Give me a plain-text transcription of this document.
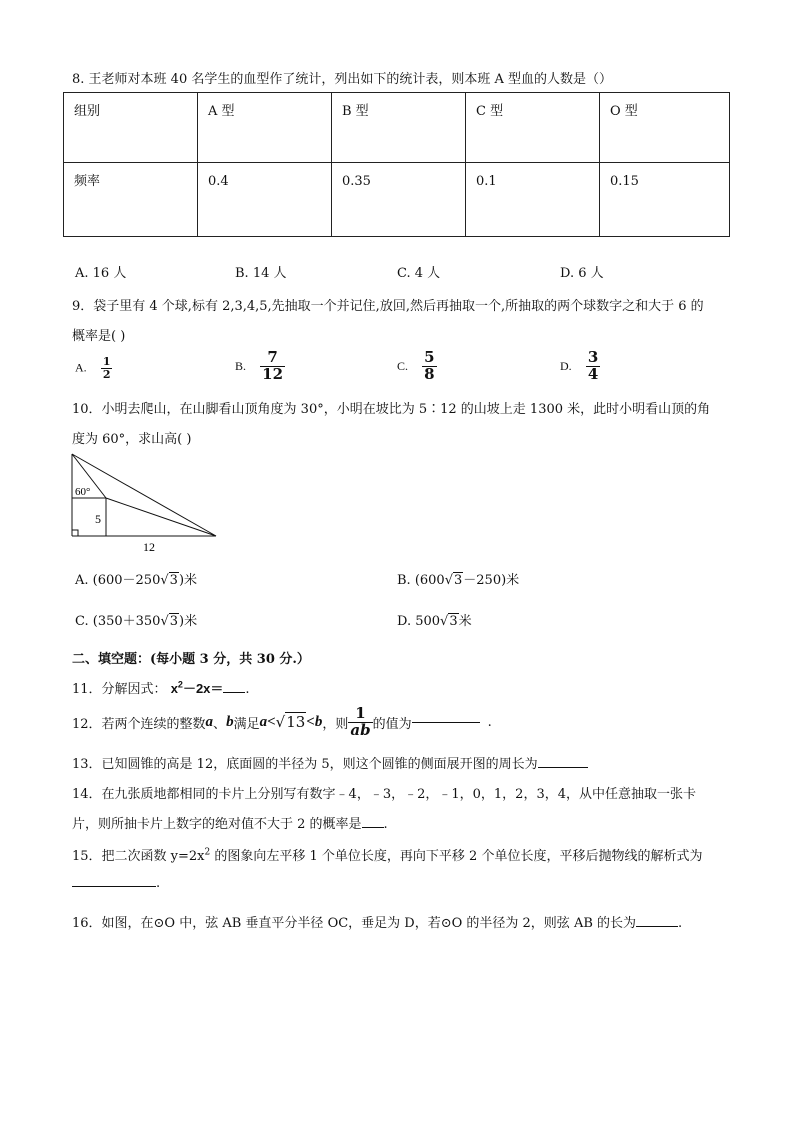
8. 王老师对本班 40 名学生的血型作了统计，列出如下的统计表，则本班 A 型血的人数是（）
组别	A 型	B 型	C 型	O 型
频率	0.4	0.35	0.1	0.15
A. 16 人	B. 14 人	C. 4 人	D. 6 人
9．袋子里有 4 个球,标有 2,3,4,5,先抽取一个并记住,放回,然后再抽取一个,所抽取的两个球数字之和大于 6 的
概率是( )
A. $\frac{1}{2}$	B. $\frac{7}{12}$	C. $\frac{5}{8}$	D. $\frac{3}{4}$
10．小明去爬山，在山脚看山顶角度为 30°，小明在坡比为 5∶12 的山坡上走 1300 米，此时小明看山顶的角
度为 60°，求山高( )
60°
5
12
A. (600－250√3)米	B. (600√3－250)米
C. (350＋350√3)米	D. 500√3米
二、填空题：(每小题 3 分，共 30 分.）
11．分解因式： $x^2-2x=$ .
12．若两个连续的整数a、b满足a<√13<b，则 $\frac{1}{ab}$ 的值为	.
13．已知圆锥的高是 12，底面圆的半径为 5，则这个圆锥的侧面展开图的周长为
14．在九张质地都相同的卡片上分别写有数字﹣4，﹣3，﹣2，﹣1，0，1，2，3，4，从中任意抽取一张卡
片，则所抽卡片上数字的绝对值不大于 2 的概率是 .
15．把二次函数 $y=2x^2$ 的图象向左平移 1 个单位长度，再向下平移 2 个单位长度，平移后抛物线的解析式为
.
16．如图，在⊙O 中，弦 AB 垂直平分半径 OC，垂足为 D，若⊙O 的半径为 2，则弦 AB 的长为	.
